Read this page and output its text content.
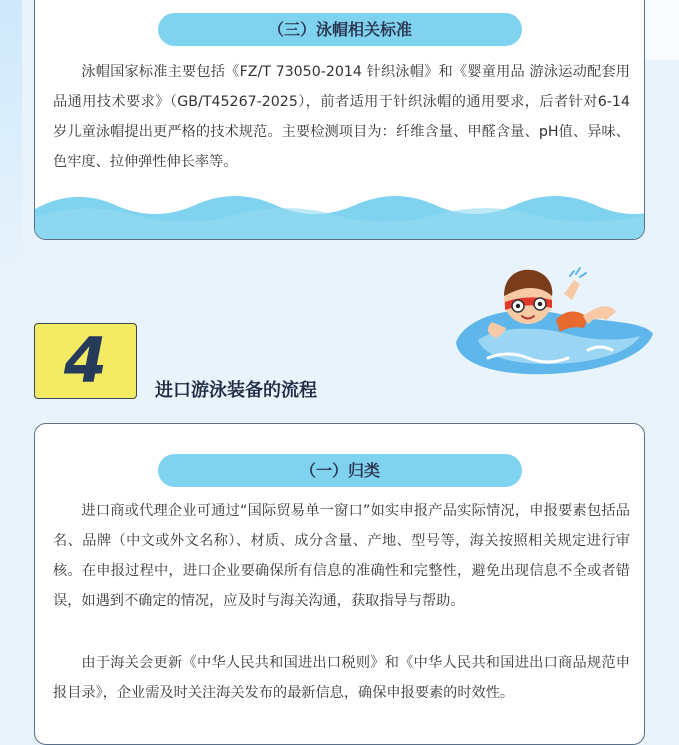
（三）泳帽相关标准

泳帽国家标准主要包括《FZ/T 73050-2014 针织泳帽》和《婴童用品 游泳运动配套用品通用技术要求》（GB/T45267-2025），前者适用于针织泳帽的通用要求，后者针对6-14岁儿童泳帽提出更严格的技术规范。主要检测项目为：纤维含量、甲醛含量、pH值、异味、色牢度、拉伸弹性伸长率等。

4	进口游泳装备的流程
（一）归类

进口商或代理企业可通过“国际贸易单一窗口”如实申报产品实际情况，申报要素包括品名、品牌（中文或外文名称）、材质、成分含量、产地、型号等，海关按照相关规定进行审核。在申报过程中，进口企业要确保所有信息的准确性和完整性，避免出现信息不全或者错误，如遇到不确定的情况，应及时与海关沟通，获取指导与帮助。

由于海关会更新《中华人民共和国进出口税则》和《中华人民共和国进出口商品规范申报目录》，企业需及时关注海关发布的最新信息，确保申报要素的时效性。
